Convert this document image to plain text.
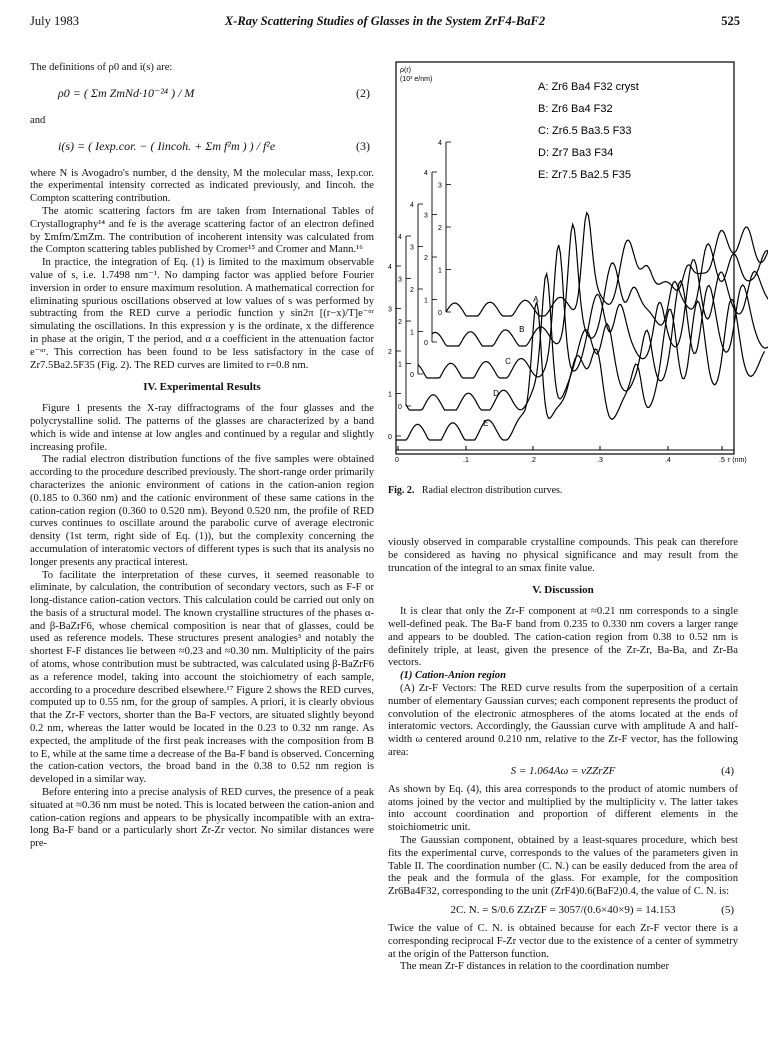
July 1983	X-Ray Scattering Studies of Glasses in the System ZrF4-BaF2	525

The definitions of ρ0 and i(s) are:

ρ0 = ( Σm ZmNd·10⁻²⁴ ) / M	(2)

and

i(s) = ( Iexp.cor. − ( Iincoh. + Σm f²m ) ) / f²e	(3)

where N is Avogadro's number, d the density, M the molecular mass, Iexp.cor. the experimental intensity corrected as indicated previously, and Iincoh. the Compton scattering contribution.

The atomic scattering factors fm are taken from International Tables of Crystallography¹⁴ and fe is the average scattering factor of an electron defined by Σmfm/ΣmZm. The contribution of incoherent intensity was calculated from the Compton scattering tables published by Cromer¹⁵ and Cromer and Mann.¹⁶

In practice, the integration of Eq. (1) is limited to the maximum observable value of s, i.e. 1.7498 nm⁻¹. No damping factor was applied before Fourier inversion in order to ensure maximum resolution. A mathematical correction for eliminating spurious oscillations observed at low values of s was performed by subtracting from the RED curve a periodic function y sin2π [(r−x)/T]e⁻ᵅʳ simulating the oscillations. In this expression y is the ordinate, x the difference in phase at the origin, T the period, and α a coefficient in the attenuation factor e⁻ᵅʳ. This correction has been found to be less satisfactory in the case of Zr7.5Ba2.5F35 (Fig. 2). The RED curves are limited to r=0.8 nm.

IV. Experimental Results

Figure 1 presents the X-ray diffractograms of the four glasses and the polycrystalline solid. The patterns of the glasses are characterized by a band which is wide and intense at low angles and continued by a regular and slightly increasing profile.

The radial electron distribution functions of the five samples were obtained according to the procedure described previously. The short-range order primarily characterizes the anionic environment of cations in the cation-anion region (0.185 to 0.360 nm) and the cationic environment of these same cations in the cation-cation region (0.360 to 0.520 nm). Beyond 0.520 nm, the profile of RED curves continues to oscillate around the parabolic curve of average electronic density (1st term, right side of Eq. (1)), but the complexity concerning the accumulation of interatomic vectors of different types is such that its analysis no longer presents any practical interest.

To facilitate the interpretation of these curves, it seemed reasonable to eliminate, by calculation, the contribution of secondary vectors, such as F-F or long-distance cation-cation vectors. This calculation could be carried out only on the basis of a structural model. The known crystalline structures of the phases α- and β-BaZrF6, whose chemical composition is near that of glasses, could be used as reference models. These structures present analogies³ and notably the shortest F-F distances lie between ≈0.23 and ≈0.30 nm. Multiplicity of the pairs of atoms, whose contribution must be subtracted, was calculated using β-BaZrF6 as a reference model, taking into account the stoichiometry of each sample, according to a procedure described elsewhere.¹⁷ Figure 2 shows the RED curves, computed up to 0.55 nm, for the group of samples. A priori, it is clearly obvious that the Zr-F vectors, shorter than the Ba-F vectors, are situated slightly beyond 0.2 nm, whereas the latter would be located in the 0.23 to 0.32 nm range. As expected, the amplitude of the first peak increases with the composition from B to E, while at the same time a decrease of the Ba-F band is observed. Concerning the cation-cation vectors, the broad band in the 0.38 to 0.52 nm region is developed in a similar way.

Before entering into a precise analysis of RED curves, the presence of a peak situated at ≈0.36 nm must be noted. This is located between the cation-anion and cation-cation regions and appears to be physically incompatible with an extra-long Ba-F band or a particularly short Zr-Zr vector. No similar distances were pre-

ρ(r)
(10³ e/nm)
A: Zr6 Ba4 F32 cryst
B: Zr6 Ba4 F32
C: Zr6.5 Ba3.5 F33
D: Zr7 Ba3 F34
E: Zr7.5 Ba2.5 F35
0	.1	.2	.3	.4	.5 r (nm)
4
3
2
1
0
4
3
2
1
0
4
3
2
1
0
4
3
2
1
0
4
3
2
1
0
A
B
C
D
E
Fig. 2. Radial electron distribution curves.

viously observed in comparable crystalline compounds. This peak can therefore be considered as having no physical significance and may result from the truncation of the integral to an smax finite value.

V. Discussion

It is clear that only the Zr-F component at ≈0.21 nm corresponds to a single well-defined peak. The Ba-F band from 0.235 to 0.330 nm covers a larger range and appears to be doubled. The cation-cation region from 0.38 to 0.52 nm is definitely triple, at least, given the presence of the Zr-Zr, Ba-Ba, and Zr-Ba vectors.

(1) Cation-Anion region

(A) Zr-F Vectors: The RED curve results from the superposition of a certain number of elementary Gaussian curves; each component represents the product of convolution of the electronic atmospheres of the atoms located at the ends of interatomic vectors. Accordingly, the Gaussian curve with amplitude A and half-width ω centered around 0.210 nm, relative to the Zr-F vector, has the following area:

S = 1.064Aω = νZZrZF	(4)

As shown by Eq. (4), this area corresponds to the product of atomic numbers of atoms joined by the vector and multiplied by the multiplicity ν. The latter takes into account coordination and proportion of different elements in the stoichiometric unit.

The Gaussian component, obtained by a least-squares procedure, which best fits the experimental curve, corresponds to the values of the parameters given in Table II. The coordination number (C. N.) can be easily deduced from the area of the peak and the formula of the glass. For example, for the composition Zr6Ba4F32, corresponding to the unit (ZrF4)0.6(BaF2)0.4, the value of C. N. is:

2C. N. = S/0.6 ZZrZF = 3057/(0.6×40×9) = 14.153	(5)

Twice the value of C. N. is obtained because for each Zr-F vector there is a corresponding reciprocal F-Zr vector due to the existence of a center of symmetry at the origin of the Patterson function.

The mean Zr-F distances in relation to the coordination number
